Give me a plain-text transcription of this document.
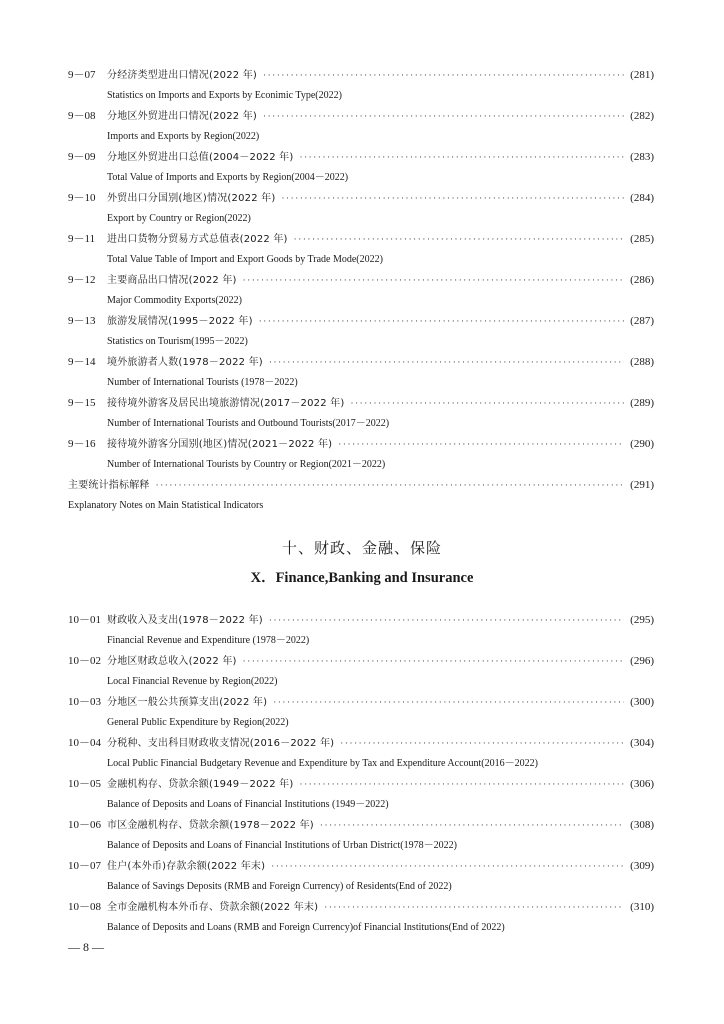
9－07	分经济类型进出口情况(2022 年) ·····	(281)
Statistics on Imports and Exports by Econimic Type(2022)
9－08	分地区外贸进出口情况(2022 年) ·····	(282)
Imports and Exports by Region(2022)
9－09	分地区外贸进出口总值(2004－2022 年) ·····	(283)
Total Value of Imports and Exports by Region(2004－2022)
9－10	外贸出口分国别(地区)情况(2022 年) ·····	(284)
Export by Country or Region(2022)
9－11	进出口货物分贸易方式总值表(2022 年) ·····	(285)
Total Value Table of Import and Export Goods by Trade Mode(2022)
9－12	主要商品出口情况(2022 年) ·····	(286)
Major Commodity Exports(2022)
9－13	旅游发展情况(1995－2022 年) ·····	(287)
Statistics on Tourism(1995－2022)
9－14	境外旅游者人数(1978－2022 年) ·····	(288)
Number of International Tourists (1978－2022)
9－15	接待境外游客及居民出境旅游情况(2017－2022 年) ·····	(289)
Number of International Tourists and Outbound Tourists(2017－2022)
9－16	接待境外游客分国别(地区)情况(2021－2022 年) ·····	(290)
Number of International Tourists by Country or Region(2021－2022)
主要统计指标解释 ·····	(291)
Explanatory Notes on Main Statistical Indicators
十、财政、金融、保险
X．Finance,Banking and Insurance
10－01 财政收入及支出(1978－2022 年) ·····	(295)
Financial Revenue and Expenditure (1978－2022)
10－02 分地区财政总收入(2022 年) ·····	(296)
Local Financial Revenue by Region(2022)
10－03 分地区一般公共预算支出(2022 年) ·····	(300)
General Public Expenditure by Region(2022)
10－04 分税种、支出科目财政收支情况(2016－2022 年) ·····	(304)
Local Public Financial Budgetary Revenue and Expenditure by Tax and Expenditure Account(2016－2022)
10－05 金融机构存、贷款余额(1949－2022 年) ·····	(306)
Balance of Deposits and Loans of Financial Institutions (1949－2022)
10－06 市区金融机构存、贷款余额(1978－2022 年) ·····	(308)
Balance of Deposits and Loans of Financial Institutions of Urban District(1978－2022)
10－07 住户(本外币)存款余额(2022 年末) ·····	(309)
Balance of Savings Deposits (RMB and Foreign Currency) of Residents(End of 2022)
10－08 全市金融机构本外币存、贷款余额(2022 年末) ·····	(310)
Balance of Deposits and Loans (RMB and Foreign Currency)of Financial Institutions(End of 2022)
— 8 —
